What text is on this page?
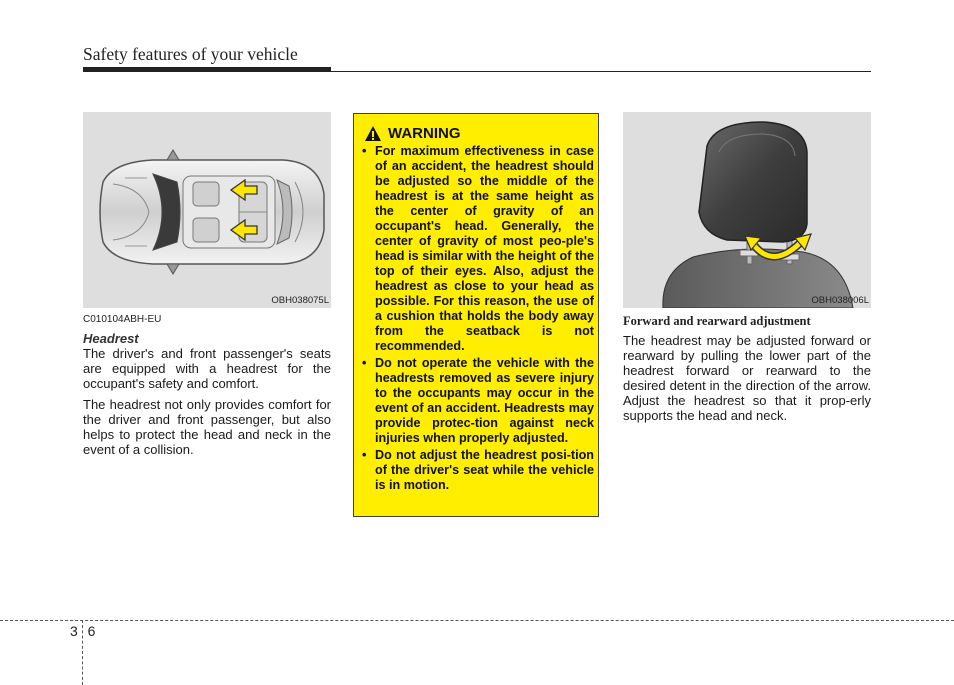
Safety features of your vehicle
OBH038075L
C010104ABH-EU
Headrest

The driver's and front passenger's seats are equipped with a headrest for the occupant's safety and comfort.

The headrest not only provides comfort for the driver and front passenger, but also helps to protect the head and neck in the event of a collision.

WARNING
• For maximum effectiveness in case of an accident, the headrest should be adjusted so the middle of the headrest is at the same height as the center of gravity of an occupant's head. Generally, the center of gravity of most peo-ple's head is similar with the height of the top of their eyes. Also, adjust the headrest as close to your head as possible. For this reason, the use of a cushion that holds the body away from the seatback is not recommended.
• Do not operate the vehicle with the headrests removed as severe injury to the occupants may occur in the event of an accident. Headrests may provide protec-tion against neck injuries when properly adjusted.
• Do not adjust the headrest posi-tion of the driver's seat while the vehicle is in motion.
OBH038006L
Forward and rearward adjustment

The headrest may be adjusted forward or rearward by pulling the lower part of the headrest forward or rearward to the desired detent in the direction of the arrow. Adjust the headrest so that it prop-erly supports the head and neck.

3 6
